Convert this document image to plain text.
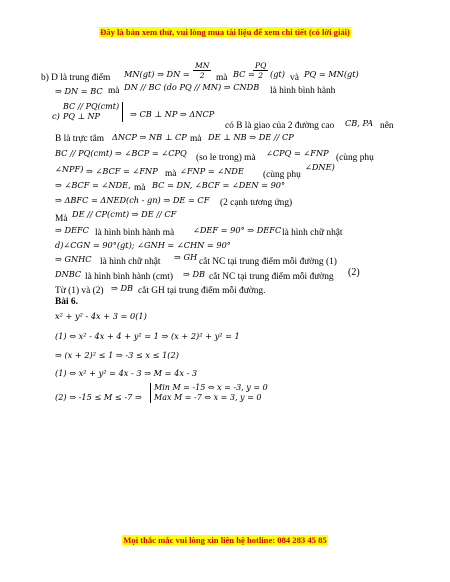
Đây là bản xem thử, vui lòng mua tài liệu để xem chi tiết (có lời giải)
b) D là trung điểm MN(gt) ⇒ DN = $\frac{MN}{2}$ mà BC =
$\frac{PQ}{2} (gt)$ và PQ = MN(gt)
⇒ DN = BC mà DN // BC (do PQ // MN) ⇒ CNDB là hình bình hành
c)
BC // PQ(cmt)
PQ ⊥ NP	⇒ CB ⊥ NP ⇒ ΔNCP
có B là giao của 2 đường cao CB, PA nên
B là trực tâm ΔNCP ⇒ NB ⊥ CP mà DE ⊥ NB ⇒ DE // CP
BC // PQ(cmt) ⇒ ∠BCP = ∠CPQ (so le trong) mà ∠CPQ = ∠FNP (cùng phụ
∠NPF) ⇒ ∠BCF = ∠FNP mà ∠FNP = ∠NDE (cùng phụ
∠DNE)
⇒ ∠BCF = ∠NDE, mà BC = DN, ∠BCF = ∠DEN = 90°
⇒ ΔBFC = ΔNED(ch - gn) ⇒ DE = CF (2 cạnh tương ứng)
Mà DE // CP(cmt) ⇒ DE // CF
⇒ DEFC là hình bình hành mà ∠DEF = 90° ⇒ DEFC là hình chữ nhật
d)∠CGN = 90°(gt); ∠GNH = ∠CHN = 90°
⇒ GNHC là hình chữ nhật ⇒ GH cắt NC tại trung điểm mỗi đường (1)
DNBC là hình bình hành (cmt) ⇒ DB cắt NC tại trung điểm mỗi đường (2)
Từ (1) và (2) ⇒ DB cắt GH tại trung điểm mỗi đường.
Bài 6.
x² + y² - 4x + 3 = 0(1)
(1) ⇔ x² - 4x + 4 + y² = 1 ⇒ (x + 2)² + y² = 1
⇒ (x + 2)² ≤ 1 ⇒ -3 ≤ x ≤ 1(2)
(1) ⇔ x² + y² = 4x - 3 ⇒ M = 4x - 3
(2) ⇒ -15 ≤ M ≤ -7 ⇒
Min M = -15 ⇔ x = -3, y = 0
Max M = -7 ⇔ x = 3, y = 0
Mọi thắc mắc vui lòng xin liên hệ hotline: 084 283 45 85
